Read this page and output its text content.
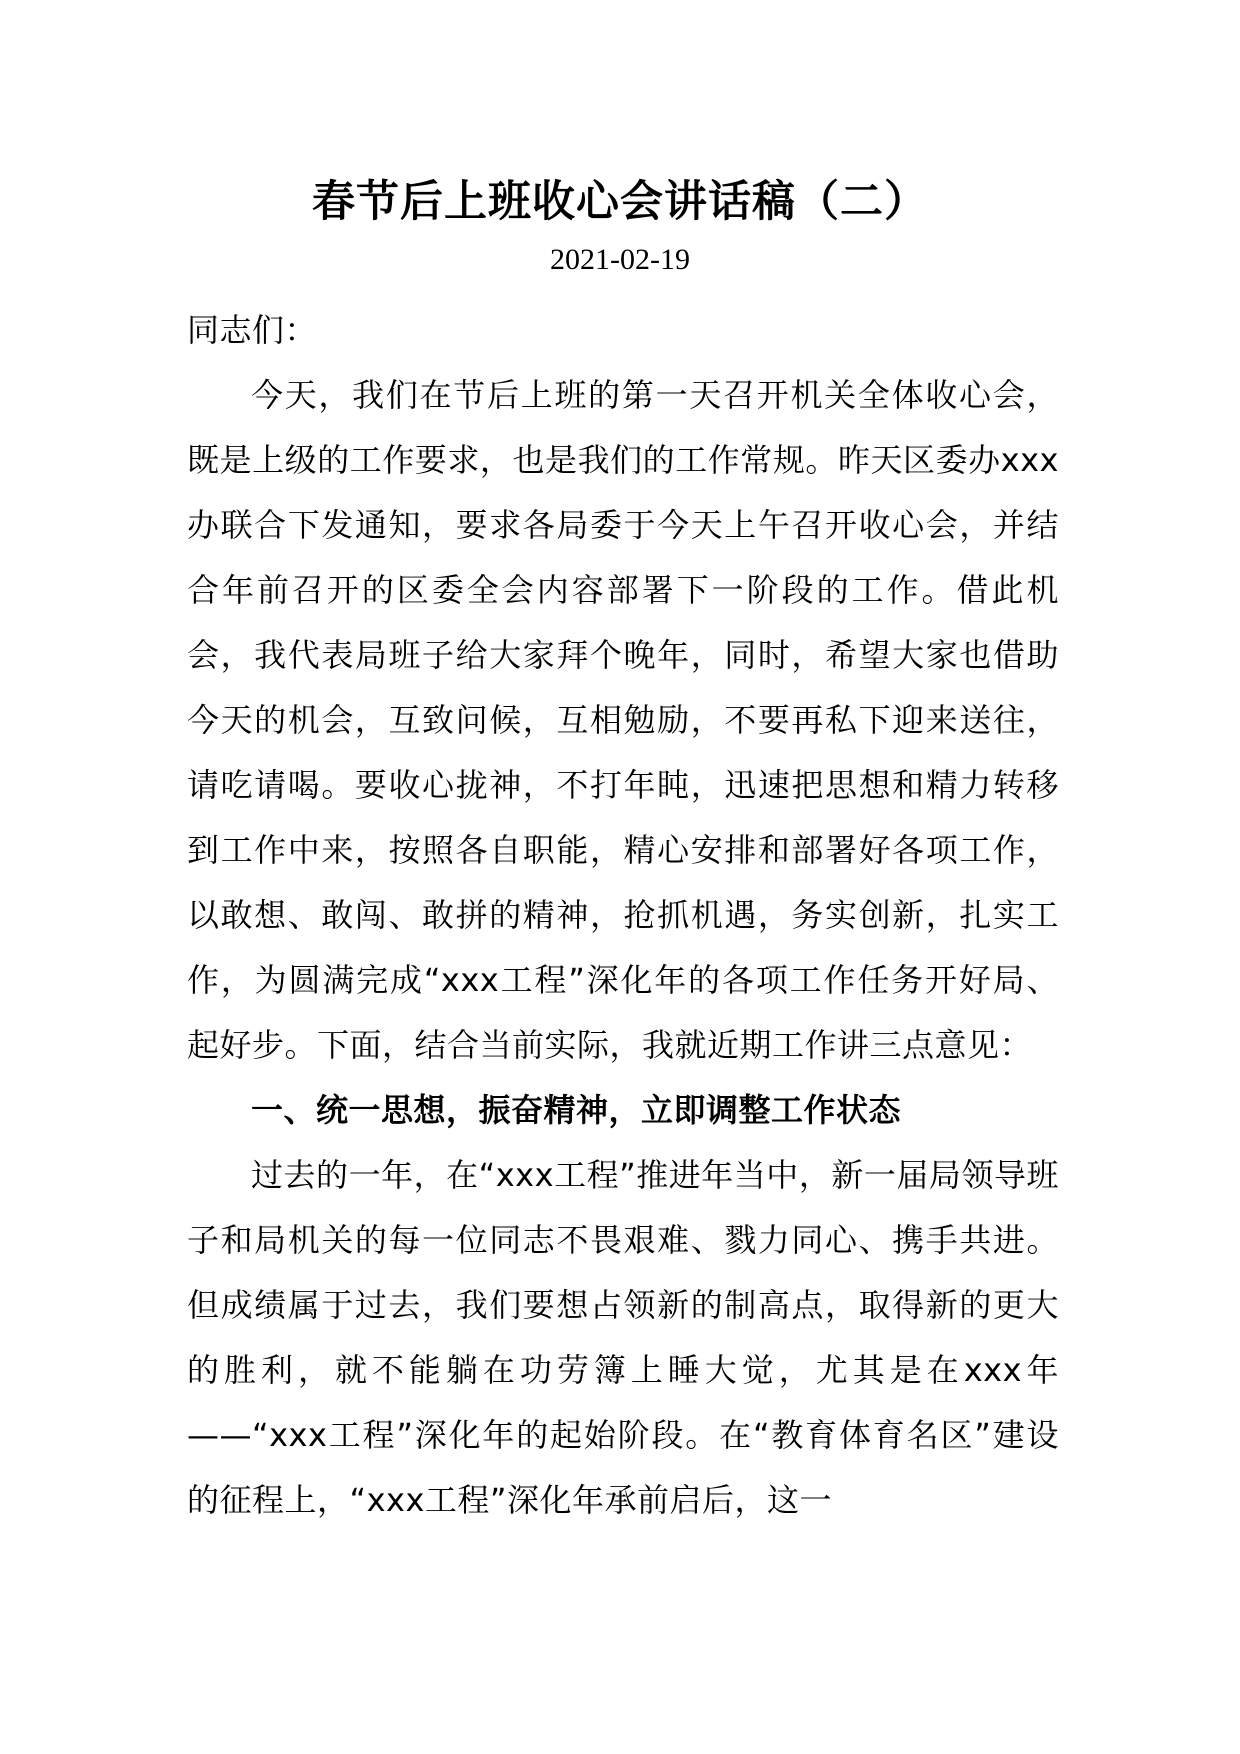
春节后上班收心会讲话稿（二）
2021-02-19

同志们：

今天，我们在节后上班的第一天召开机关全体收心会，既是上级的工作要求，也是我们的工作常规。昨天区委办xxx办联合下发通知，要求各局委于今天上午召开收心会，并结合年前召开的区委全会内容部署下一阶段的工作。借此机会，我代表局班子给大家拜个晚年，同时，希望大家也借助今天的机会，互致问候，互相勉励，不要再私下迎来送往，请吃请喝。要收心拢神，不打年盹，迅速把思想和精力转移到工作中来，按照各自职能，精心安排和部署好各项工作，以敢想、敢闯、敢拼的精神，抢抓机遇，务实创新，扎实工作，为圆满完成“xxx工程”深化年的各项工作任务开好局、起好步。下面，结合当前实际，我就近期工作讲三点意见：

一、统一思想，振奋精神，立即调整工作状态

过去的一年，在“xxx工程”推进年当中，新一届局领导班子和局机关的每一位同志不畏艰难、戮力同心、携手共进。但成绩属于过去，我们要想占领新的制高点，取得新的更大的胜利，就不能躺在功劳簿上睡大觉，尤其是在xxx年——“xxx工程”深化年的起始阶段。在“教育体育名区”建设的征程上，“xxx工程”深化年承前启后，这一
